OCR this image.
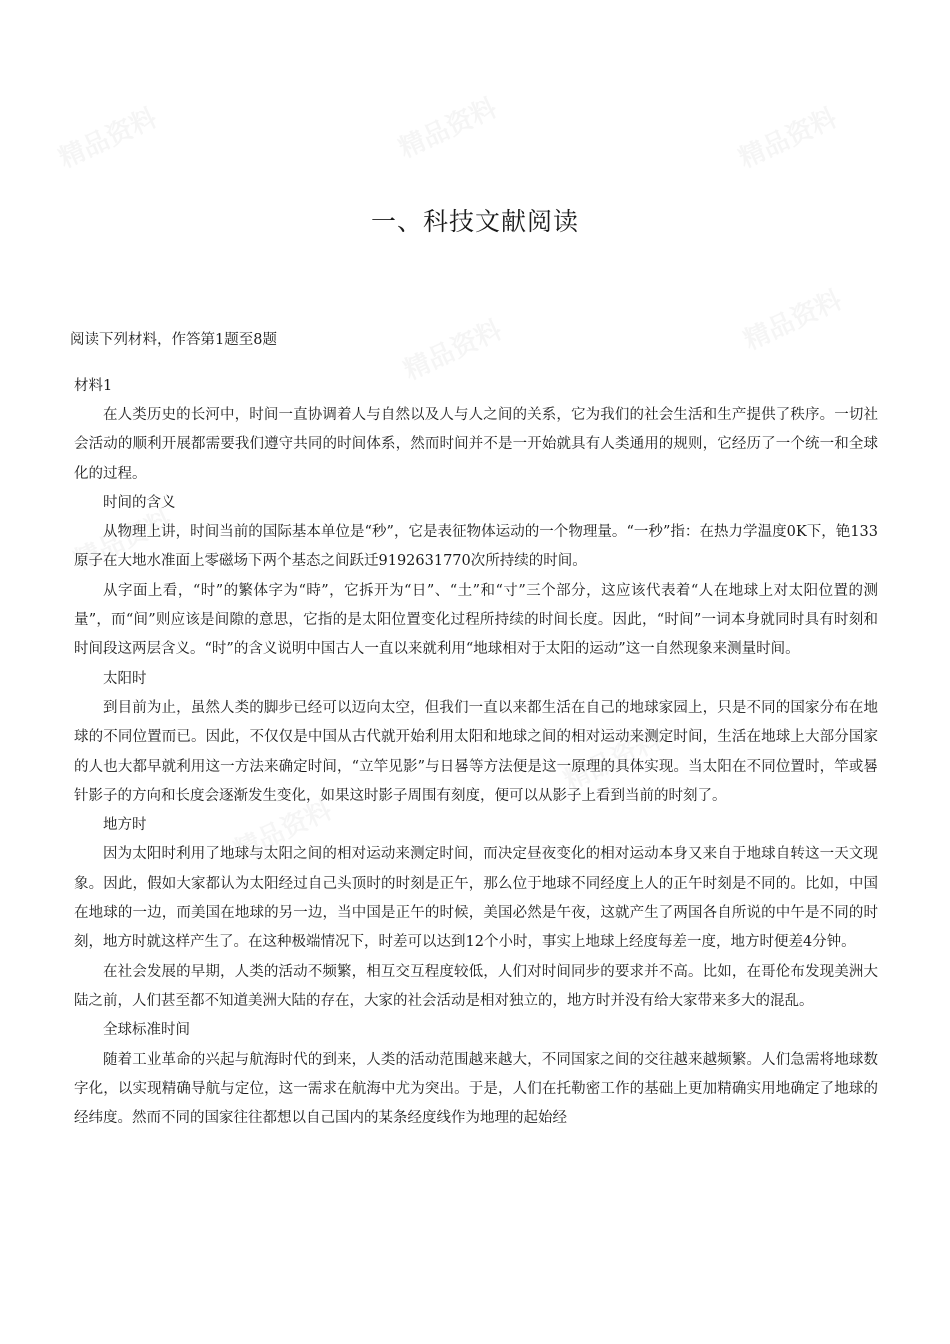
一、科技文献阅读
阅读下列材料，作答第1题至8题
材料1

在人类历史的长河中，时间一直协调着人与自然以及人与人之间的关系，它为我们的社会生活和生产提供了秩序。一切社会活动的顺利开展都需要我们遵守共同的时间体系，然而时间并不是一开始就具有人类通用的规则，它经历了一个统一和全球化的过程。

时间的含义

从物理上讲，时间当前的国际基本单位是“秒”，它是表征物体运动的一个物理量。“一秒”指：在热力学温度0K下，铯133原子在大地水准面上零磁场下两个基态之间跃迁9192631770次所持续的时间。

从字面上看，“时”的繁体字为“時”，它拆开为“日”、“土”和“寸”三个部分，这应该代表着“人在地球上对太阳位置的测量”，而“间”则应该是间隙的意思，它指的是太阳位置变化过程所持续的时间长度。因此，“时间”一词本身就同时具有时刻和时间段这两层含义。“时”的含义说明中国古人一直以来就利用“地球相对于太阳的运动”这一自然现象来测量时间。

太阳时

到目前为止，虽然人类的脚步已经可以迈向太空，但我们一直以来都生活在自己的地球家园上，只是不同的国家分布在地球的不同位置而已。因此，不仅仅是中国从古代就开始利用太阳和地球之间的相对运动来测定时间，生活在地球上大部分国家的人也大都早就利用这一方法来确定时间，“立竿见影”与日晷等方法便是这一原理的具体实现。当太阳在不同位置时，竿或晷针影子的方向和长度会逐渐发生变化，如果这时影子周围有刻度，便可以从影子上看到当前的时刻了。

地方时

因为太阳时利用了地球与太阳之间的相对运动来测定时间，而决定昼夜变化的相对运动本身又来自于地球自转这一天文现象。因此，假如大家都认为太阳经过自己头顶时的时刻是正午，那么位于地球不同经度上人的正午时刻是不同的。比如，中国在地球的一边，而美国在地球的另一边，当中国是正午的时候，美国必然是午夜，这就产生了两国各自所说的中午是不同的时刻，地方时就这样产生了。在这种极端情况下，时差可以达到12个小时，事实上地球上经度每差一度，地方时便差4分钟。

在社会发展的早期，人类的活动不频繁，相互交互程度较低，人们对时间同步的要求并不高。比如，在哥伦布发现美洲大陆之前，人们甚至都不知道美洲大陆的存在，大家的社会活动是相对独立的，地方时并没有给大家带来多大的混乱。

全球标准时间

随着工业革命的兴起与航海时代的到来，人类的活动范围越来越大，不同国家之间的交往越来越频繁。人们急需将地球数字化，以实现精确导航与定位，这一需求在航海中尤为突出。于是，人们在托勒密工作的基础上更加精确实用地确定了地球的经纬度。然而不同的国家往往都想以自己国内的某条经度线作为地理的起始经
